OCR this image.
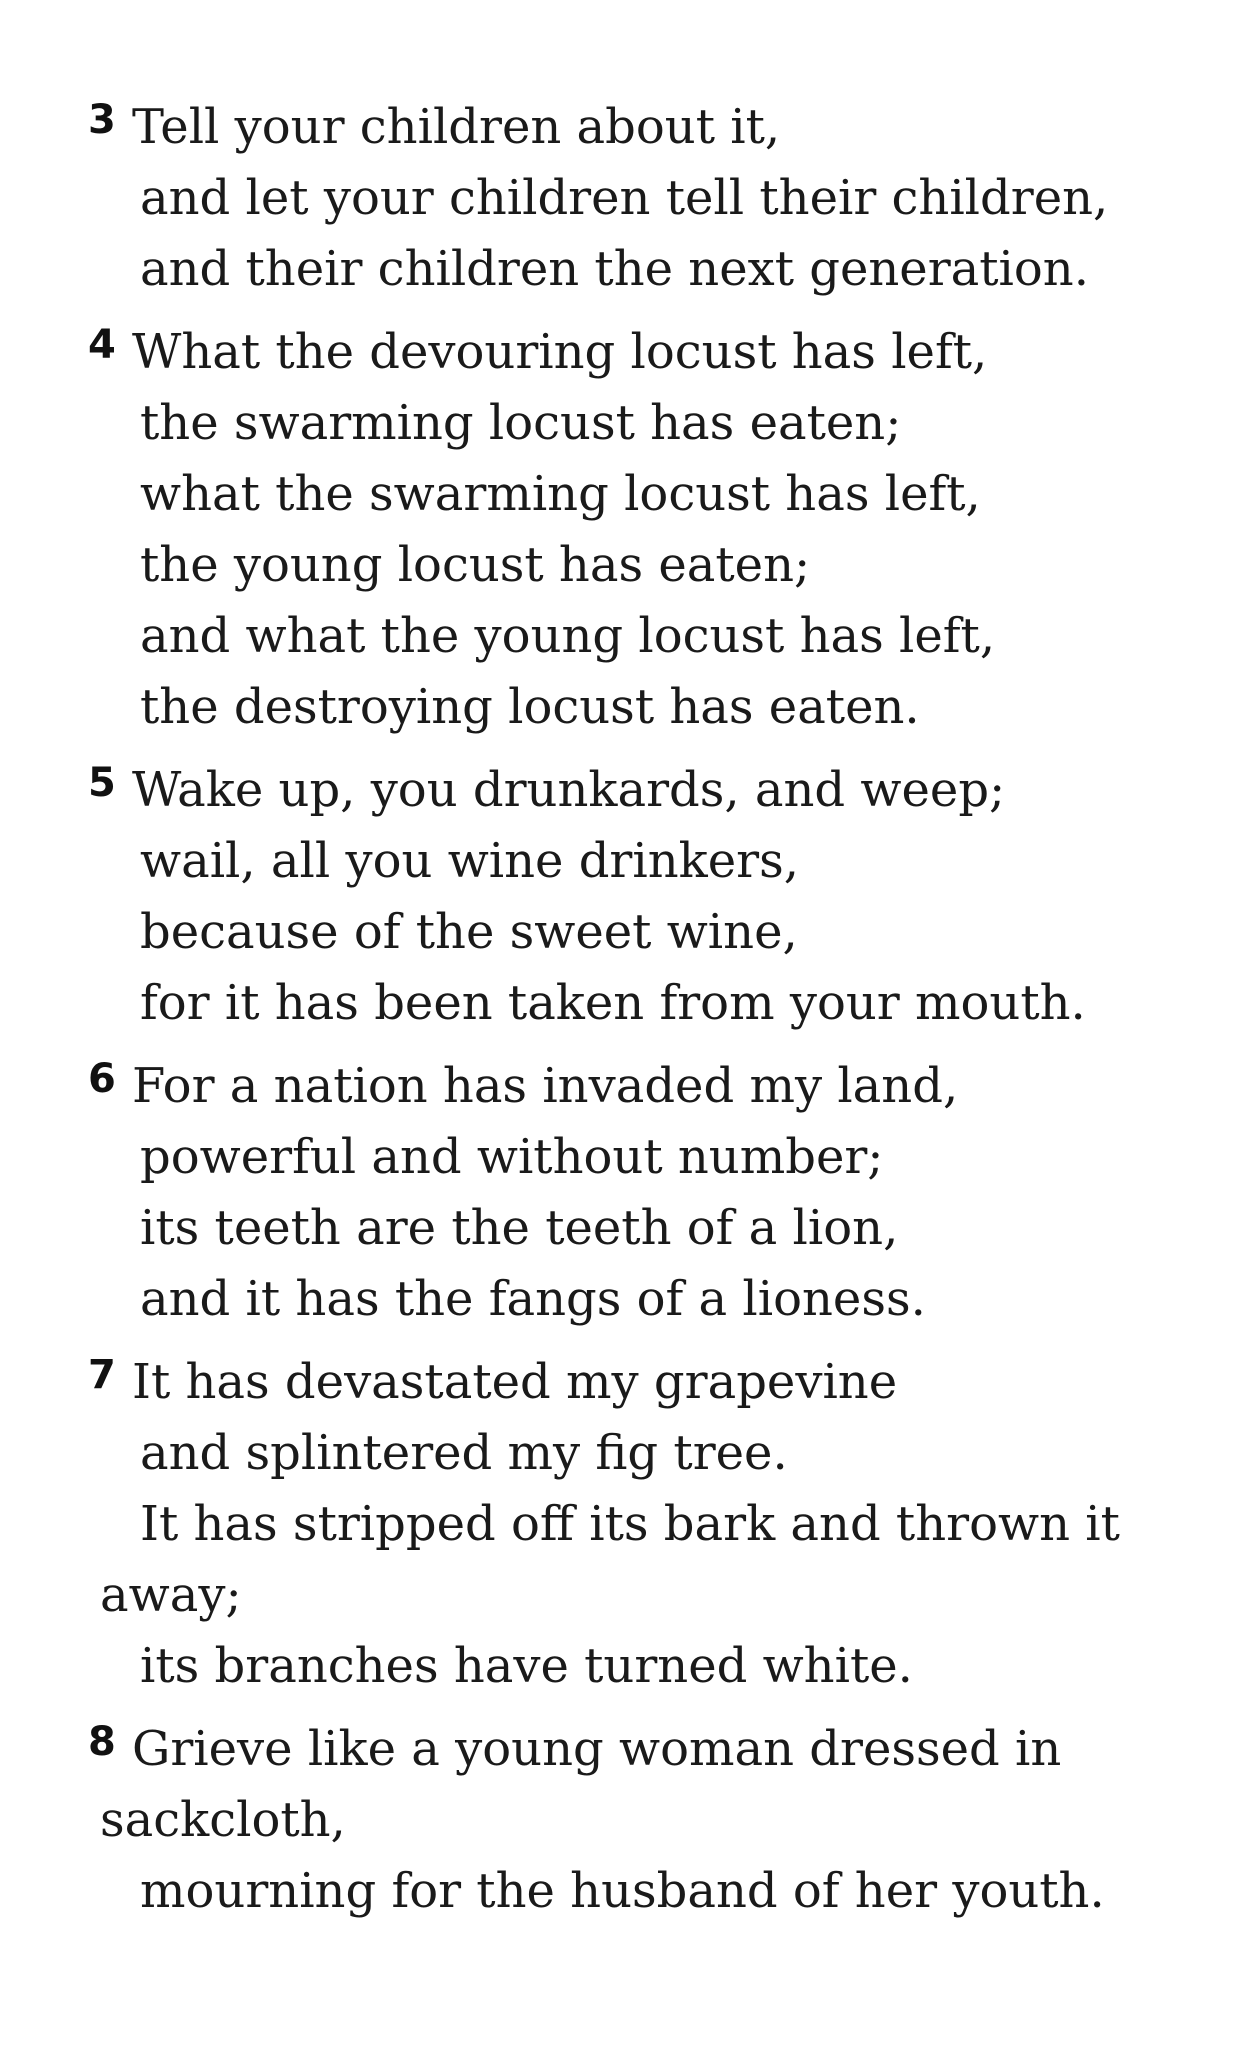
3 Tell your children about it,
and let your children tell their children,
and their children the next generation.
4 What the devouring locust has left,
the swarming locust has eaten;
what the swarming locust has left,
the young locust has eaten;
and what the young locust has left,
the destroying locust has eaten.
5 Wake up, you drunkards, and weep;
wail, all you wine drinkers,
because of the sweet wine,
for it has been taken from your mouth.
6 For a nation has invaded my land,
powerful and without number;
its teeth are the teeth of a lion,
and it has the fangs of a lioness.
7 It has devastated my grapevine
and splintered my fig tree.
It has stripped off its bark and thrown it
away;
its branches have turned white.
8 Grieve like a young woman dressed in
sackcloth,
mourning for the husband of her youth.
